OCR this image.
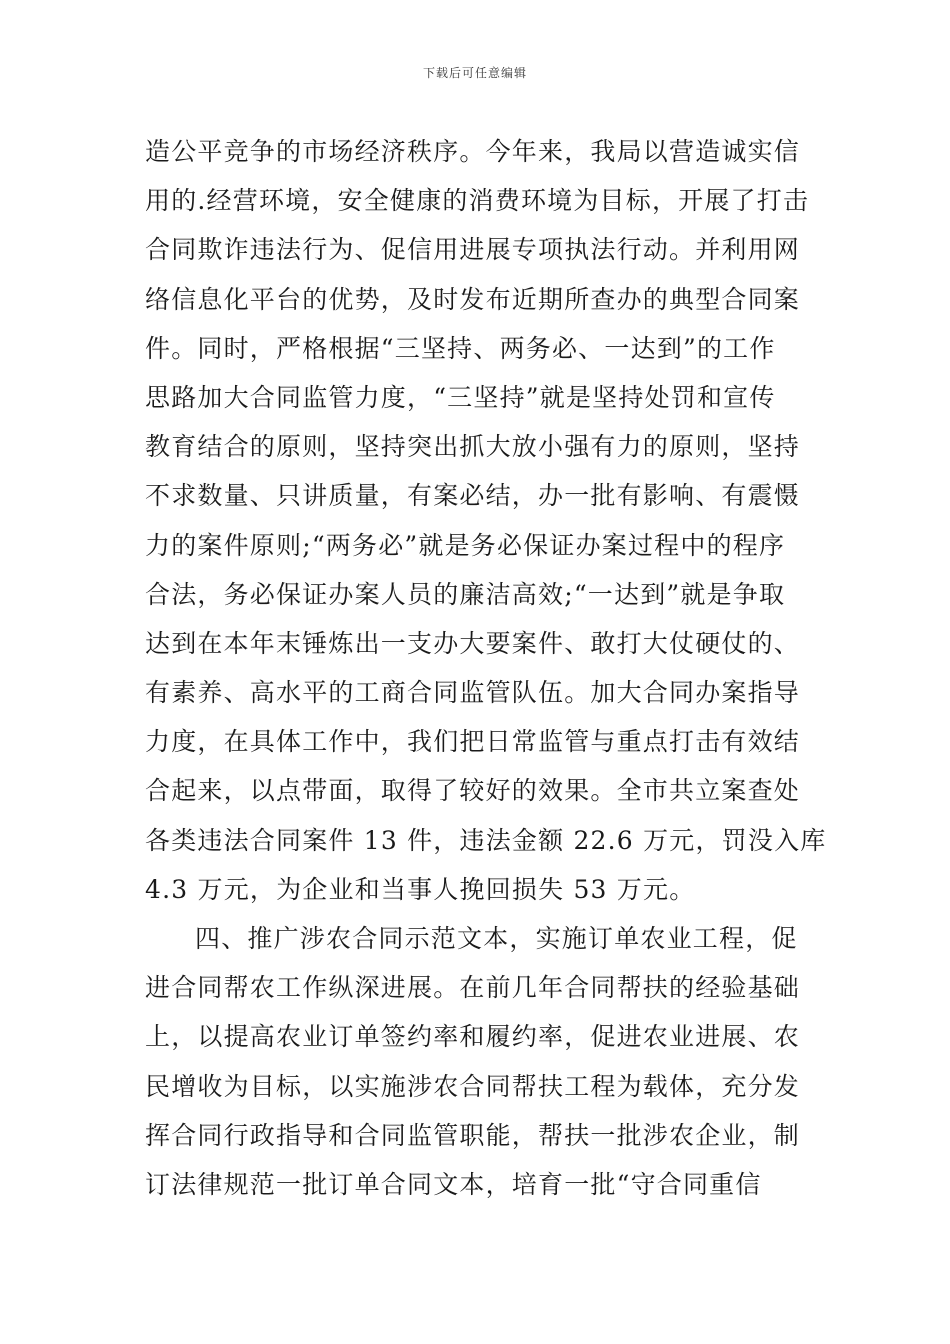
下载后可任意编辑
造公平竞争的市场经济秩序。今年来，我局以营造诚实信
用的.经营环境，安全健康的消费环境为目标，开展了打击
合同欺诈违法行为、促信用进展专项执法行动。并利用网
络信息化平台的优势，及时发布近期所查办的典型合同案
件。同时，严格根据“三坚持、两务必、一达到”的工作
思路加大合同监管力度，“三坚持”就是坚持处罚和宣传
教育结合的原则，坚持突出抓大放小强有力的原则，坚持
不求数量、只讲质量，有案必结，办一批有影响、有震慑
力的案件原则;“两务必”就是务必保证办案过程中的程序
合法，务必保证办案人员的廉洁高效;“一达到”就是争取
达到在本年末锤炼出一支办大要案件、敢打大仗硬仗的、
有素养、高水平的工商合同监管队伍。加大合同办案指导
力度，在具体工作中，我们把日常监管与重点打击有效结
合起来，以点带面，取得了较好的效果。全市共立案查处
各类违法合同案件 13 件，违法金额 22.6 万元，罚没入库
4.3 万元，为企业和当事人挽回损失 53 万元。
四、推广涉农合同示范文本，实施订单农业工程，促
进合同帮农工作纵深进展。在前几年合同帮扶的经验基础
上，以提高农业订单签约率和履约率，促进农业进展、农
民增收为目标，以实施涉农合同帮扶工程为载体，充分发
挥合同行政指导和合同监管职能，帮扶一批涉农企业，制
订法律规范一批订单合同文本，培育一批“守合同重信
